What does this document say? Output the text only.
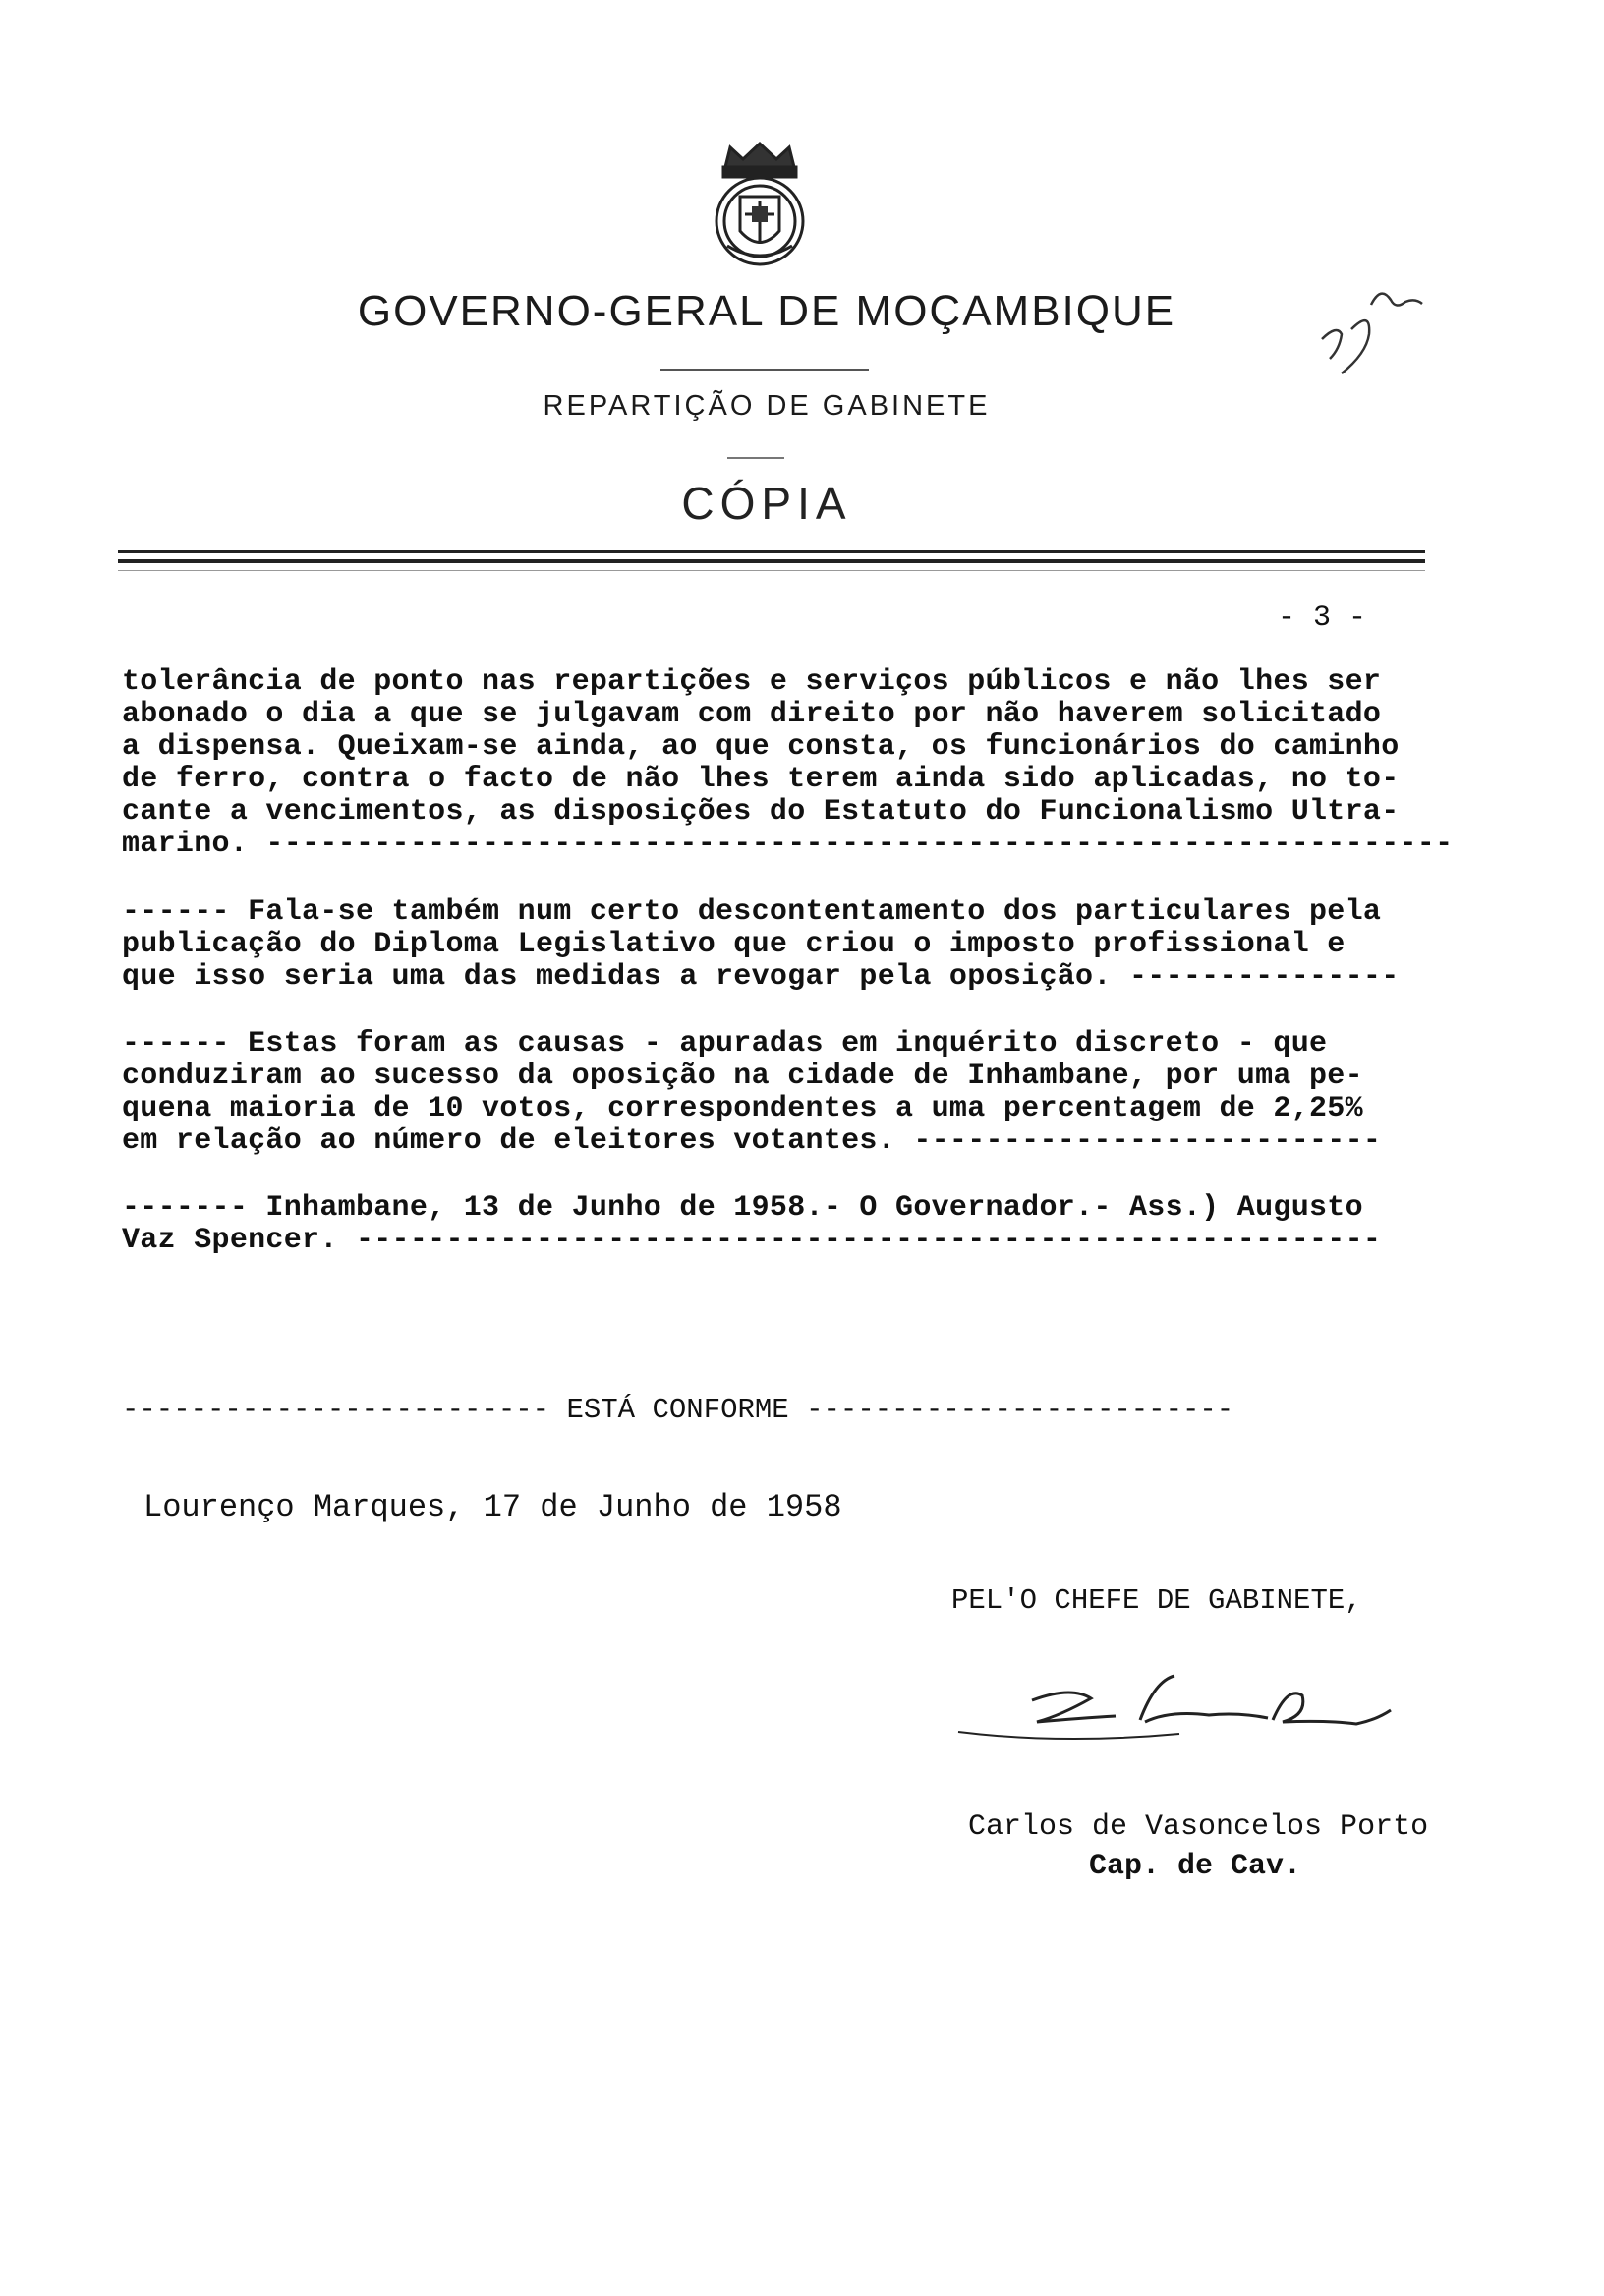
GOVERNO-GERAL DE MOÇAMBIQUE
REPARTIÇÃO DE GABINETE
CÓPIA
- 3 -
tolerância de ponto nas repartições e serviços públicos e não lhes ser
abonado o dia a que se julgavam com direito por não haverem solicitado
a dispensa. Queixam-se ainda, ao que consta, os funcionários do caminho
de ferro, contra o facto de não lhes terem ainda sido aplicadas, no to-
cante a vencimentos, as disposições do Estatuto do Funcionalismo Ultra-
marino. ------------------------------------------------------------------
------ Fala-se também num certo descontentamento dos particulares pela
publicação do Diploma Legislativo que criou o imposto profissional e
que isso seria uma das medidas a revogar pela oposição. ---------------
------ Estas foram as causas - apuradas em inquérito discreto - que
conduziram ao sucesso da oposição na cidade de Inhambane, por uma pe-
quena maioria de 10 votos, correspondentes a uma percentagem de 2,25%
em relação ao número de eleitores votantes. --------------------------
------- Inhambane, 13 de Junho de 1958.- O Governador.- Ass.) Augusto
Vaz Spencer. ---------------------------------------------------------
------------------------- ESTÁ CONFORME -------------------------
Lourenço Marques, 17 de Junho de 1958
PEL'O CHEFE DE GABINETE,
Carlos de Vasoncelos Porto
Cap. de Cav.
